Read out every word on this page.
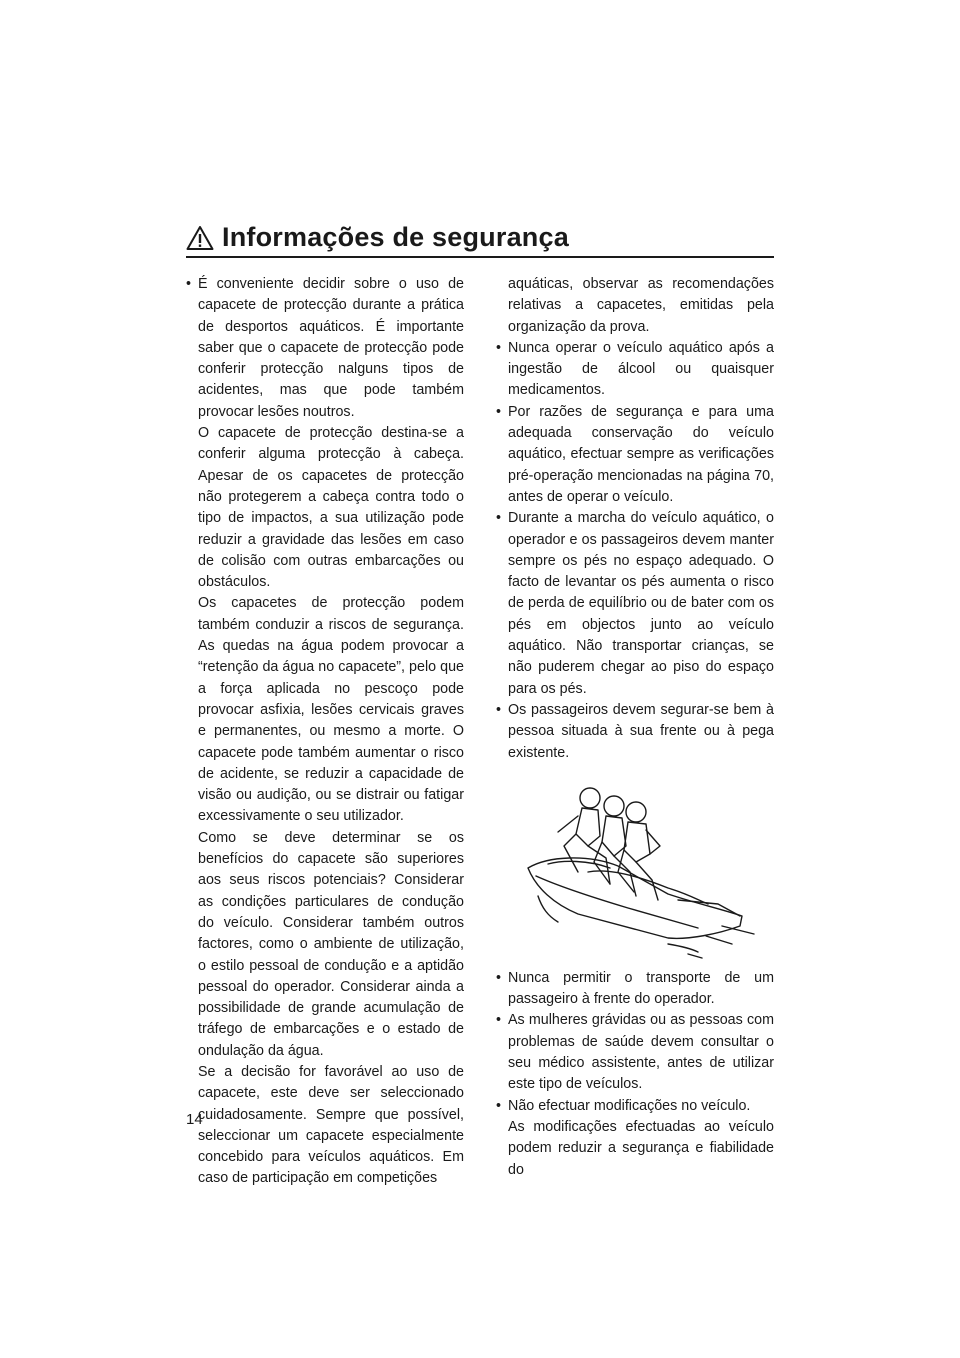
Informações de segurança

• É conveniente decidir sobre o uso de capacete de protecção durante a prática de desportos aquáticos. É importante saber que o capacete de protecção pode conferir protecção nalguns tipos de acidentes, mas que pode também provocar lesões noutros.

O capacete de protecção destina-se a conferir alguma protecção à cabeça. Apesar de os capacetes de protecção não protegerem a cabeça contra todo o tipo de impactos, a sua utilização pode reduzir a gravidade das lesões em caso de colisão com outras embarcações ou obstáculos.

Os capacetes de protecção podem também conduzir a riscos de segurança. As quedas na água podem provocar a “retenção da água no capacete”, pelo que a força aplicada no pescoço pode provocar asfixia, lesões cervicais graves e permanentes, ou mesmo a morte. O capacete pode também aumentar o risco de acidente, se reduzir a capacidade de visão ou audição, ou se distrair ou fatigar excessivamente o seu utilizador.

Como se deve determinar se os benefícios do capacete são superiores aos seus riscos potenciais? Considerar as condições particulares de condução do veículo. Considerar também outros factores, como o ambiente de utilização, o estilo pessoal de condução e a aptidão pessoal do operador. Considerar ainda a possibilidade de grande acumulação de tráfego de embarcações e o estado de ondulação da água.

Se a decisão for favorável ao uso de capacete, este deve ser seleccionado cuidadosamente. Sempre que possível, seleccionar um capacete especialmente concebido para veículos aquáticos. Em caso de participação em competições

aquáticas, observar as recomendações relativas a capacetes, emitidas pela organização da prova.

• Nunca operar o veículo aquático após a ingestão de álcool ou quaisquer medicamentos.

• Por razões de segurança e para uma adequada conservação do veículo aquático, efectuar sempre as verificações pré-operação mencionadas na página 70, antes de operar o veículo.

• Durante a marcha do veículo aquático, o operador e os passageiros devem manter sempre os pés no espaço adequado. O facto de levantar os pés aumenta o risco de perda de equilíbrio ou de bater com os pés em objectos junto ao veículo aquático. Não transportar crianças, se não puderem chegar ao piso do espaço para os pés.

• Os passageiros devem segurar-se bem à pessoa situada à sua frente ou à pega existente.

• Nunca permitir o transporte de um passageiro à frente do operador.

• As mulheres grávidas ou as pessoas com problemas de saúde devem consultar o seu médico assistente, antes de utilizar este tipo de veículos.

• Não efectuar modificações no veículo.

As modificações efectuadas ao veículo podem reduzir a segurança e fiabilidade do

14
